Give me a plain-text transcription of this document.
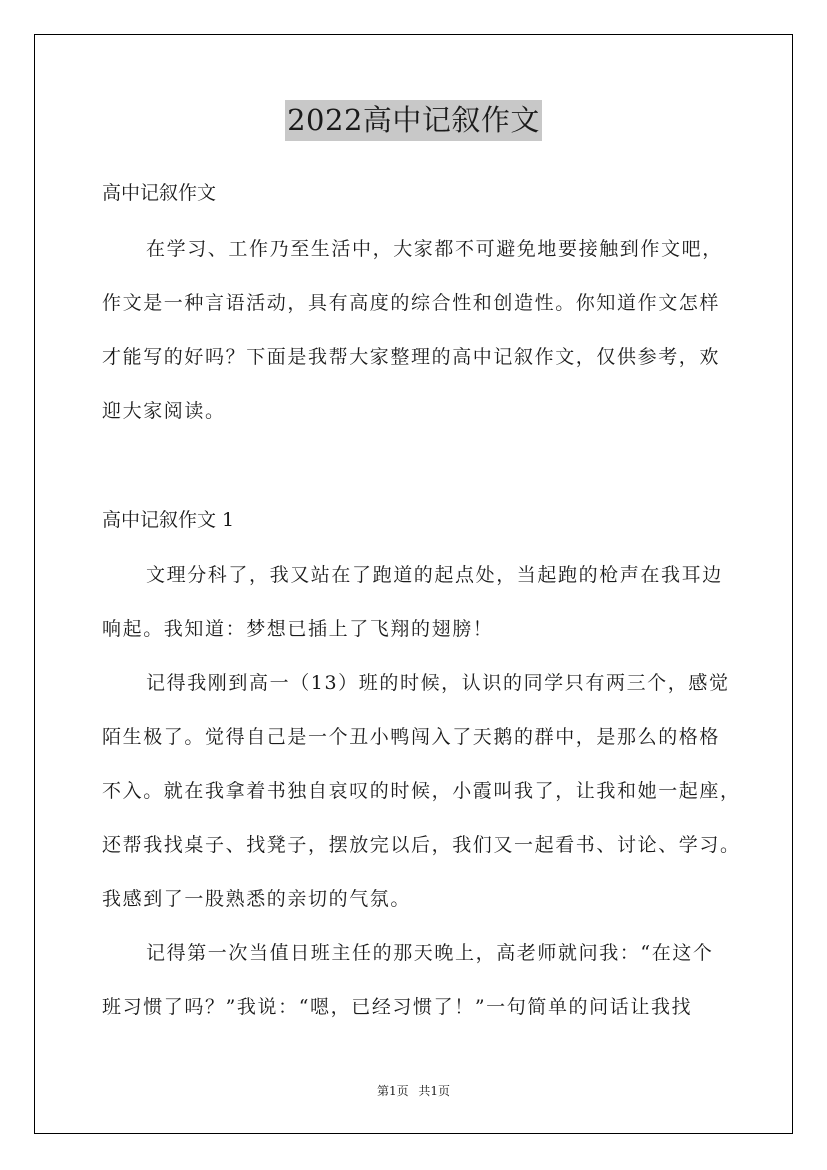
2022高中记叙作文
高中记叙作文
在学习、工作乃至生活中，大家都不可避免地要接触到作文吧，
作文是一种言语活动，具有高度的综合性和创造性。你知道作文怎样
才能写的好吗？下面是我帮大家整理的高中记叙作文，仅供参考，欢
迎大家阅读。
高中记叙作文 1
文理分科了，我又站在了跑道的起点处，当起跑的枪声在我耳边
响起。我知道：梦想已插上了飞翔的翅膀！
记得我刚到高一（13）班的时候，认识的同学只有两三个，感觉
陌生极了。觉得自己是一个丑小鸭闯入了天鹅的群中，是那么的格格
不入。就在我拿着书独自哀叹的时候，小霞叫我了，让我和她一起座，
还帮我找桌子、找凳子，摆放完以后，我们又一起看书、讨论、学习。
我感到了一股熟悉的亲切的气氛。
记得第一次当值日班主任的那天晚上，高老师就问我：“在这个
班习惯了吗？”我说：“嗯，已经习惯了！”一句简单的问话让我找
第1页 共1页
